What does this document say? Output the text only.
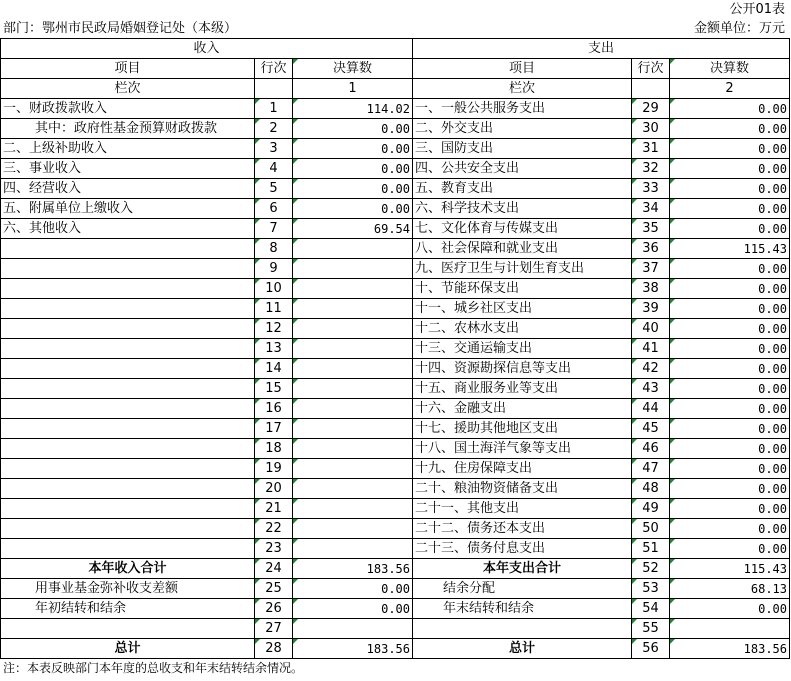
公开01表
部门：鄂州市民政局婚姻登记处（本级）	金额单位：万元
收入			支出		
项目	行次	决算数	项目	行次	决算数
栏次		1	栏次		2
一、财政拨款收入	1	114.02	一、一般公共服务支出	29	0.00
其中：政府性基金预算财政拨款	2	0.00	二、外交支出	30	0.00
二、上级补助收入	3	0.00	三、国防支出	31	0.00
三、事业收入	4	0.00	四、公共安全支出	32	0.00
四、经营收入	5	0.00	五、教育支出	33	0.00
五、附属单位上缴收入	6	0.00	六、科学技术支出	34	0.00
六、其他收入	7	69.54	七、文化体育与传媒支出	35	0.00
	8		八、社会保障和就业支出	36	115.43
	9		九、医疗卫生与计划生育支出	37	0.00
	10		十、节能环保支出	38	0.00
	11		十一、城乡社区支出	39	0.00
	12		十二、农林水支出	40	0.00
	13		十三、交通运输支出	41	0.00
	14		十四、资源勘探信息等支出	42	0.00
	15		十五、商业服务业等支出	43	0.00
	16		十六、金融支出	44	0.00
	17		十七、援助其他地区支出	45	0.00
	18		十八、国土海洋气象等支出	46	0.00
	19		十九、住房保障支出	47	0.00
	20		二十、粮油物资储备支出	48	0.00
	21		二十一、其他支出	49	0.00
	22		二十二、债务还本支出	50	0.00
	23		二十三、债务付息支出	51	0.00
本年收入合计	24	183.56	本年支出合计	52	115.43
用事业基金弥补收支差额	25	0.00	结余分配	53	68.13
年初结转和结余	26	0.00	年末结转和结余	54	0.00
	27			55	
总计	28	183.56	总计	56	183.56
注：本表反映部门本年度的总收支和年末结转结余情况。
